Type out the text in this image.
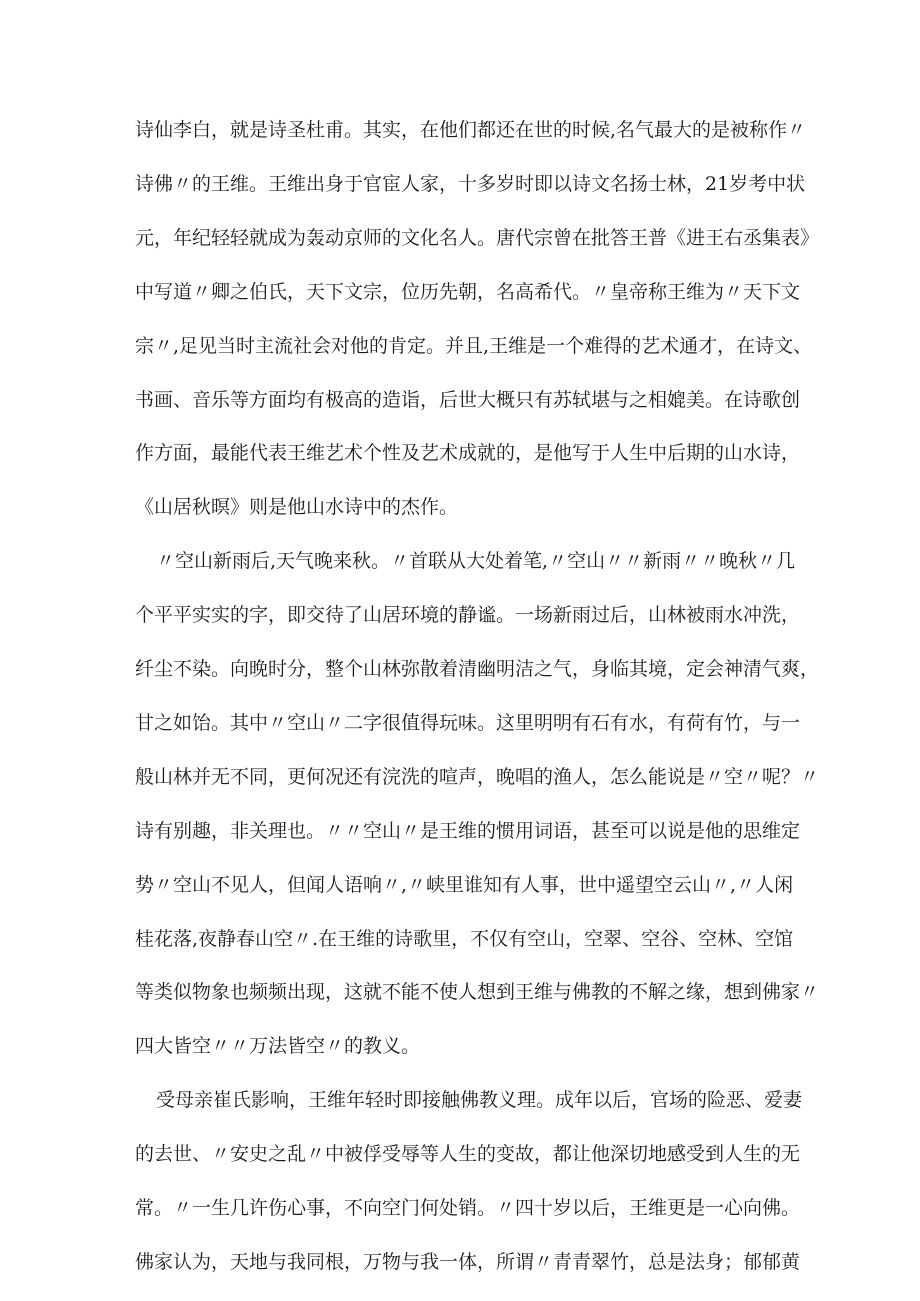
诗仙李白，就是诗圣杜甫。其实，在他们都还在世的时候,名气最大的是被称作〃

诗佛〃的王维。王维出身于官宦人家，十多岁时即以诗文名扬士林，21岁考中状

元，年纪轻轻就成为轰动京师的文化名人。唐代宗曾在批答王普《进王右丞集表》

中写道〃卿之伯氏，天下文宗，位历先朝，名高希代。〃皇帝称王维为〃天下文

宗〃,足见当时主流社会对他的肯定。并且,王维是一个难得的艺术通才，在诗文、

书画、音乐等方面均有极高的造诣，后世大概只有苏轼堪与之相媲美。在诗歌创

作方面，最能代表王维艺术个性及艺术成就的，是他写于人生中后期的山水诗，

《山居秋暝》则是他山水诗中的杰作。

〃空山新雨后,天气晚来秋。〃首联从大处着笔,〃空山〃〃新雨〃〃晚秋〃几

个平平实实的字，即交待了山居环境的静谧。一场新雨过后，山林被雨水冲洗，

纤尘不染。向晚时分，整个山林弥散着清幽明洁之气，身临其境，定会神清气爽，

甘之如饴。其中〃空山〃二字很值得玩味。这里明明有石有水，有荷有竹，与一

般山林并无不同，更何况还有浣洗的喧声，晚唱的渔人，怎么能说是〃空〃呢？〃

诗有别趣，非关理也。〃〃空山〃是王维的惯用词语，甚至可以说是他的思维定

势〃空山不见人，但闻人语响〃,〃峡里谁知有人事，世中遥望空云山〃,〃人闲

桂花落,夜静春山空〃.在王维的诗歌里，不仅有空山，空翠、空谷、空林、空馆

等类似物象也频频出现，这就不能不使人想到王维与佛教的不解之缘，想到佛家〃

四大皆空〃〃万法皆空〃的教义。

受母亲崔氏影响，王维年轻时即接触佛教义理。成年以后，官场的险恶、爱妻

的去世、〃安史之乱〃中被俘受辱等人生的变故，都让他深切地感受到人生的无

常。〃一生几许伤心事，不向空门何处销。〃四十岁以后，王维更是一心向佛。

佛家认为，天地与我同根，万物与我一体，所谓〃青青翠竹，总是法身；郁郁黄
